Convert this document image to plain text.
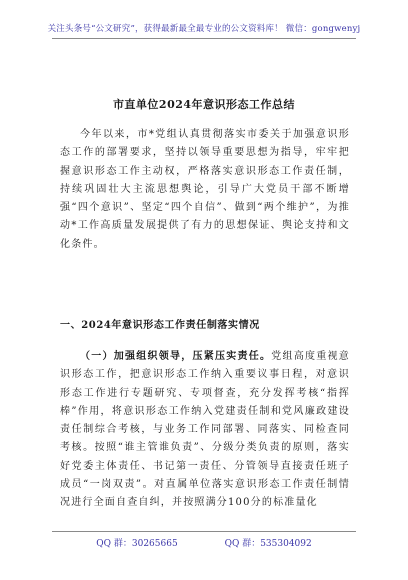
关注头条号“公文研究”，获得最新最全最专业的公文资料库！ 微信：gongwenyj
市直单位2024年意识形态工作总结

今年以来，市*党组认真贯彻落实市委关于加强意识形态工作的部署要求，坚持以领导重要思想为指导，牢牢把握意识形态工作主动权，严格落实意识形态工作责任制，持续巩固壮大主流思想舆论，引导广大党员干部不断增强“四个意识”、坚定“四个自信”、做到“两个维护”，为推动*工作高质量发展提供了有力的思想保证、舆论支持和文化条件。

一、2024年意识形态工作责任制落实情况

（一）加强组织领导，压紧压实责任。党组高度重视意识形态工作，把意识形态工作纳入重要议事日程，对意识形态工作进行专题研究、专项督查，充分发挥考核“指挥棒”作用，将意识形态工作纳入党建责任制和党风廉政建设责任制综合考核，与业务工作同部署、同落实、同检查同考核。按照“谁主管谁负责”、分级分类负责的原则，落实好党委主体责任、书记第一责任、分管领导直接责任班子成员“一岗双责”。对直属单位落实意识形态工作责任制情况进行全面自查自纠，并按照满分100分的标准量化

QQ 群：30265665	QQ 群：535304092
